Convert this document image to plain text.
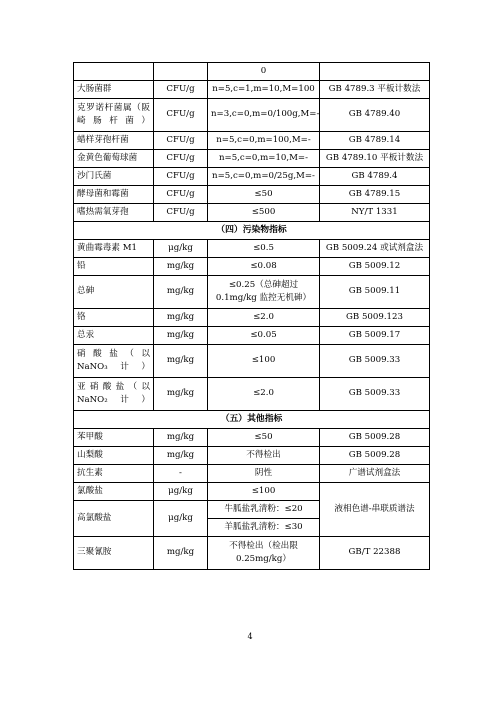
		0	
大肠菌群	CFU/g	n=5,c=1,m=10,M=100	GB 4789.3 平板计数法
克罗诺杆菌属（阪崎肠杆菌）	CFU/g	n=3,c=0,m=0/100g,M=-	GB 4789.40
蜡样芽孢杆菌	CFU/g	n=5,c=0,m=100,M=-	GB 4789.14
金黄色葡萄球菌	CFU/g	n=5,c=0,m=10,M=-	GB 4789.10 平板计数法
沙门氏菌	CFU/g	n=5,c=0,m=0/25g,M=-	GB 4789.4
酵母菌和霉菌	CFU/g	≤50	GB 4789.15
嗜热需氧芽孢	CFU/g	≤500	NY/T 1331
（四）污染物指标			
黄曲霉毒素 M1	μg/kg	≤0.5	GB 5009.24 或试剂盒法
铅	mg/kg	≤0.08	GB 5009.12
总砷	mg/kg	≤0.25（总砷超过0.1mg/kg 监控无机砷）	GB 5009.11
铬	mg/kg	≤2.0	GB 5009.123
总汞	mg/kg	≤0.05	GB 5009.17
硝酸盐（以 NaNO₃计）	mg/kg	≤100	GB 5009.33
亚硝酸盐（以 NaNO₂计）	mg/kg	≤2.0	GB 5009.33
（五）其他指标			
苯甲酸	mg/kg	≤50	GB 5009.28
山梨酸	mg/kg	不得检出	GB 5009.28
抗生素	-	阴性	广谱试剂盒法
氯酸盐	μg/kg	≤100	液相色谱-串联质谱法
高氯酸盐	μg/kg	牛胍盐乳清粉：≤20	
		羊胍盐乳清粉：≤30	
三聚氰胺	mg/kg	不得检出（检出限0.25mg/kg）	GB/T 22388
4
